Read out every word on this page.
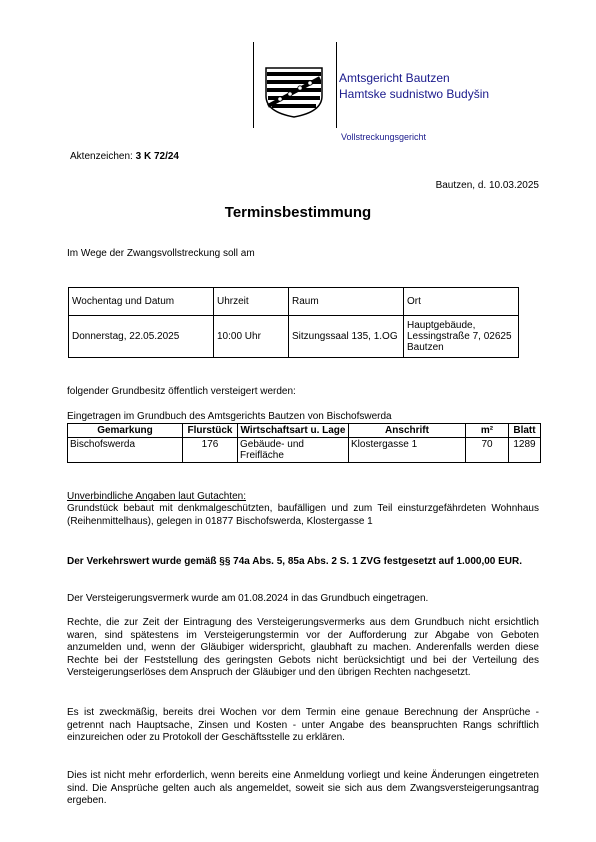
Amtsgericht Bautzen
Hamtske sudnistwo Budyšin
Vollstreckungsgericht
Aktenzeichen: 3 K 72/24
Bautzen, d. 10.03.2025
Terminsbestimmung
Im Wege der Zwangsvollstreckung soll am
Wochentag und Datum	Uhrzeit	Raum	Ort
Donnerstag, 22.05.2025	10:00 Uhr	Sitzungssaal 135, 1.OG	Hauptgebäude, Lessingstraße 7, 02625 Bautzen
folgender Grundbesitz öffentlich versteigert werden:
Eingetragen im Grundbuch des Amtsgerichts Bautzen von Bischofswerda
Gemarkung	Flurstück	Wirtschaftsart u. Lage	Anschrift	m²	Blatt
Bischofswerda	176	Gebäude- und Freifläche	Klostergasse 1	70	1289
Unverbindliche Angaben laut Gutachten:
Grundstück bebaut mit denkmalgeschützten, baufälligen und zum Teil einsturzgefährdeten Wohnhaus (Reihenmittelhaus), gelegen in 01877 Bischofswerda, Klostergasse 1
Der Verkehrswert wurde gemäß §§ 74a Abs. 5, 85a Abs. 2 S. 1 ZVG festgesetzt auf 1.000,00 EUR.
Der Versteigerungsvermerk wurde am 01.08.2024 in das Grundbuch eingetragen.
Rechte, die zur Zeit der Eintragung des Versteigerungsvermerks aus dem Grundbuch nicht ersichtlich waren, sind spätestens im Versteigerungstermin vor der Aufforderung zur Abgabe von Geboten anzumelden und, wenn der Gläubiger widerspricht, glaubhaft zu machen. Anderenfalls werden diese Rechte bei der Feststellung des geringsten Gebots nicht berücksichtigt und bei der Verteilung des Versteigerungserlöses dem Anspruch der Gläubiger und den übrigen Rechten nachgesetzt.
Es ist zweckmäßig, bereits drei Wochen vor dem Termin eine genaue Berechnung der Ansprüche - getrennt nach Hauptsache, Zinsen und Kosten - unter Angabe des beanspruchten Rangs schriftlich einzureichen oder zu Protokoll der Geschäftsstelle zu erklären.
Dies ist nicht mehr erforderlich, wenn bereits eine Anmeldung vorliegt und keine Änderungen eingetreten sind. Die Ansprüche gelten auch als angemeldet, soweit sie sich aus dem Zwangsversteigerungsantrag ergeben.
